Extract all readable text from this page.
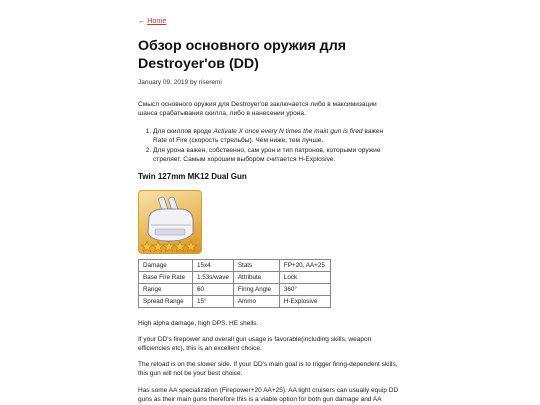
← Home
Обзор основного оружия для Destroyer'ов (DD)
January 09, 2019 by riseremi

Смысл основного оружия для Destroyer'ов заключается либо в максимизации шанса срабатывания скилла, либо в нанесении урона.

1. Для скиллов вроде Activate X once every N times the main gun is fired важен Rate of Fire (скорость стрельбы). Чем ниже, тем лучше.
2. Для урона важен, собственно, сам урон и тип патронов, которыми оружие стреляет. Самым хорошим выбором считается H-Explosive.
Twin 127mm MK12 Dual Gun
Damage	15x4	Stats	FP+20, AA+25
Base Fire Rate	1.53s/wave	Attribute	Lock
Range	60	Firing Angle	360°
Spread Range	15°	Ammo	H-Explosive

High alpha damage, high DPS. HE shells.

If your DD's firepower and overall gun usage is favorable(including skills, weapon efficiencies etc), this is an excellent choice.

The reload is on the slower side. If your DD's main goal is to trigger firing-dependent skills, this gun will not be your best choice.

Has some AA specialization (Firepower+20 AA+25). AA light cruisers can usually equip DD guns as their main guns therefore this is a viable option for both gun damage and AA
